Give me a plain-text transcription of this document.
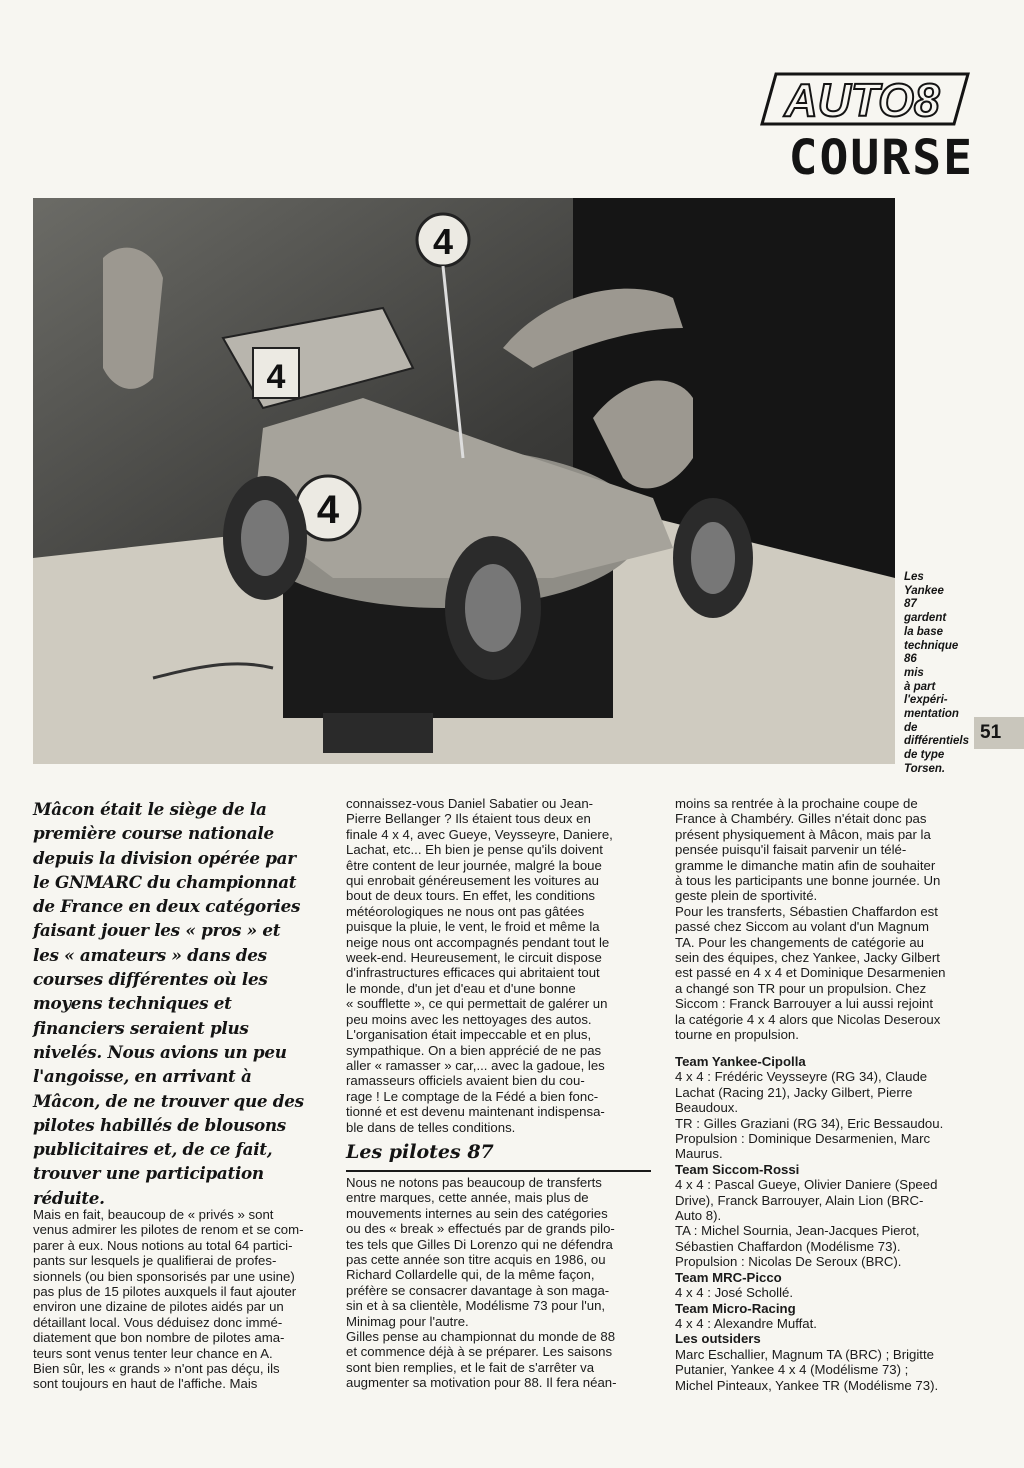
AUTO8
COURSE
4
4
4
Les
Yankee
87
gardent
la base
technique
86
mis
à part
l'expéri-
mentation
de
différentiels
de type
Torsen.
51
Mâcon était le siège de la
première course nationale
depuis la division opérée par
le GNMARC du championnat
de France en deux catégories
faisant jouer les « pros » et
les « amateurs » dans des
courses différentes où les
moyens techniques et
financiers seraient plus
nivelés. Nous avions un peu
l'angoisse, en arrivant à
Mâcon, de ne trouver que des
pilotes habillés de blousons
publicitaires et, de ce fait,
trouver une participation
réduite.
Mais en fait, beaucoup de « privés » sont
venus admirer les pilotes de renom et se com-
parer à eux. Nous notions au total 64 partici-
pants sur lesquels je qualifierai de profes-
sionnels (ou bien sponsorisés par une usine)
pas plus de 15 pilotes auxquels il faut ajouter
environ une dizaine de pilotes aidés par un
détaillant local. Vous déduisez donc immé-
diatement que bon nombre de pilotes ama-
teurs sont venus tenter leur chance en A.
Bien sûr, les « grands » n'ont pas déçu, ils
sont toujours en haut de l'affiche. Mais
connaissez-vous Daniel Sabatier ou Jean-
Pierre Bellanger ? Ils étaient tous deux en
finale 4 x 4, avec Gueye, Veysseyre, Daniere,
Lachat, etc... Eh bien je pense qu'ils doivent
être content de leur journée, malgré la boue
qui enrobait généreusement les voitures au
bout de deux tours. En effet, les conditions
météorologiques ne nous ont pas gâtées
puisque la pluie, le vent, le froid et même la
neige nous ont accompagnés pendant tout le
week-end. Heureusement, le circuit dispose
d'infrastructures efficaces qui abritaient tout
le monde, d'un jet d'eau et d'une bonne
« soufflette », ce qui permettait de galérer un
peu moins avec les nettoyages des autos.
L'organisation était impeccable et en plus,
sympathique. On a bien apprécié de ne pas
aller « ramasser » car,... avec la gadoue, les
ramasseurs officiels avaient bien du cou-
rage ! Le comptage de la Fédé a bien fonc-
tionné et est devenu maintenant indispensa-
ble dans de telles conditions.
Les pilotes 87
Nous ne notons pas beaucoup de transferts
entre marques, cette année, mais plus de
mouvements internes au sein des catégories
ou des « break » effectués par de grands pilo-
tes tels que Gilles Di Lorenzo qui ne défendra
pas cette année son titre acquis en 1986, ou
Richard Collardelle qui, de la même façon,
préfère se consacrer davantage à son maga-
sin et à sa clientèle, Modélisme 73 pour l'un,
Minimag pour l'autre.
Gilles pense au championnat du monde de 88
et commence déjà à se préparer. Les saisons
sont bien remplies, et le fait de s'arrêter va
augmenter sa motivation pour 88. Il fera néan-
moins sa rentrée à la prochaine coupe de
France à Chambéry. Gilles n'était donc pas
présent physiquement à Mâcon, mais par la
pensée puisqu'il faisait parvenir un télé-
gramme le dimanche matin afin de souhaiter
à tous les participants une bonne journée. Un
geste plein de sportivité.
Pour les transferts, Sébastien Chaffardon est
passé chez Siccom au volant d'un Magnum
TA. Pour les changements de catégorie au
sein des équipes, chez Yankee, Jacky Gilbert
est passé en 4 x 4 et Dominique Desarmenien
a changé son TR pour un propulsion. Chez
Siccom : Franck Barrouyer a lui aussi rejoint
la catégorie 4 x 4 alors que Nicolas Deseroux
tourne en propulsion.
Team Yankee-Cipolla
4 x 4 : Frédéric Veysseyre (RG 34), Claude
Lachat (Racing 21), Jacky Gilbert, Pierre
Beaudoux.
TR : Gilles Graziani (RG 34), Eric Bessaudou.
Propulsion : Dominique Desarmenien, Marc
Maurus.
Team Siccom-Rossi
4 x 4 : Pascal Gueye, Olivier Daniere (Speed
Drive), Franck Barrouyer, Alain Lion (BRC-
Auto 8).
TA : Michel Sournia, Jean-Jacques Pierot,
Sébastien Chaffardon (Modélisme 73).
Propulsion : Nicolas De Seroux (BRC).
Team MRC-Picco
4 x 4 : José Schollé.
Team Micro-Racing
4 x 4 : Alexandre Muffat.
Les outsiders
Marc Eschallier, Magnum TA (BRC) ; Brigitte
Putanier, Yankee 4 x 4 (Modélisme 73) ;
Michel Pinteaux, Yankee TR (Modélisme 73).
